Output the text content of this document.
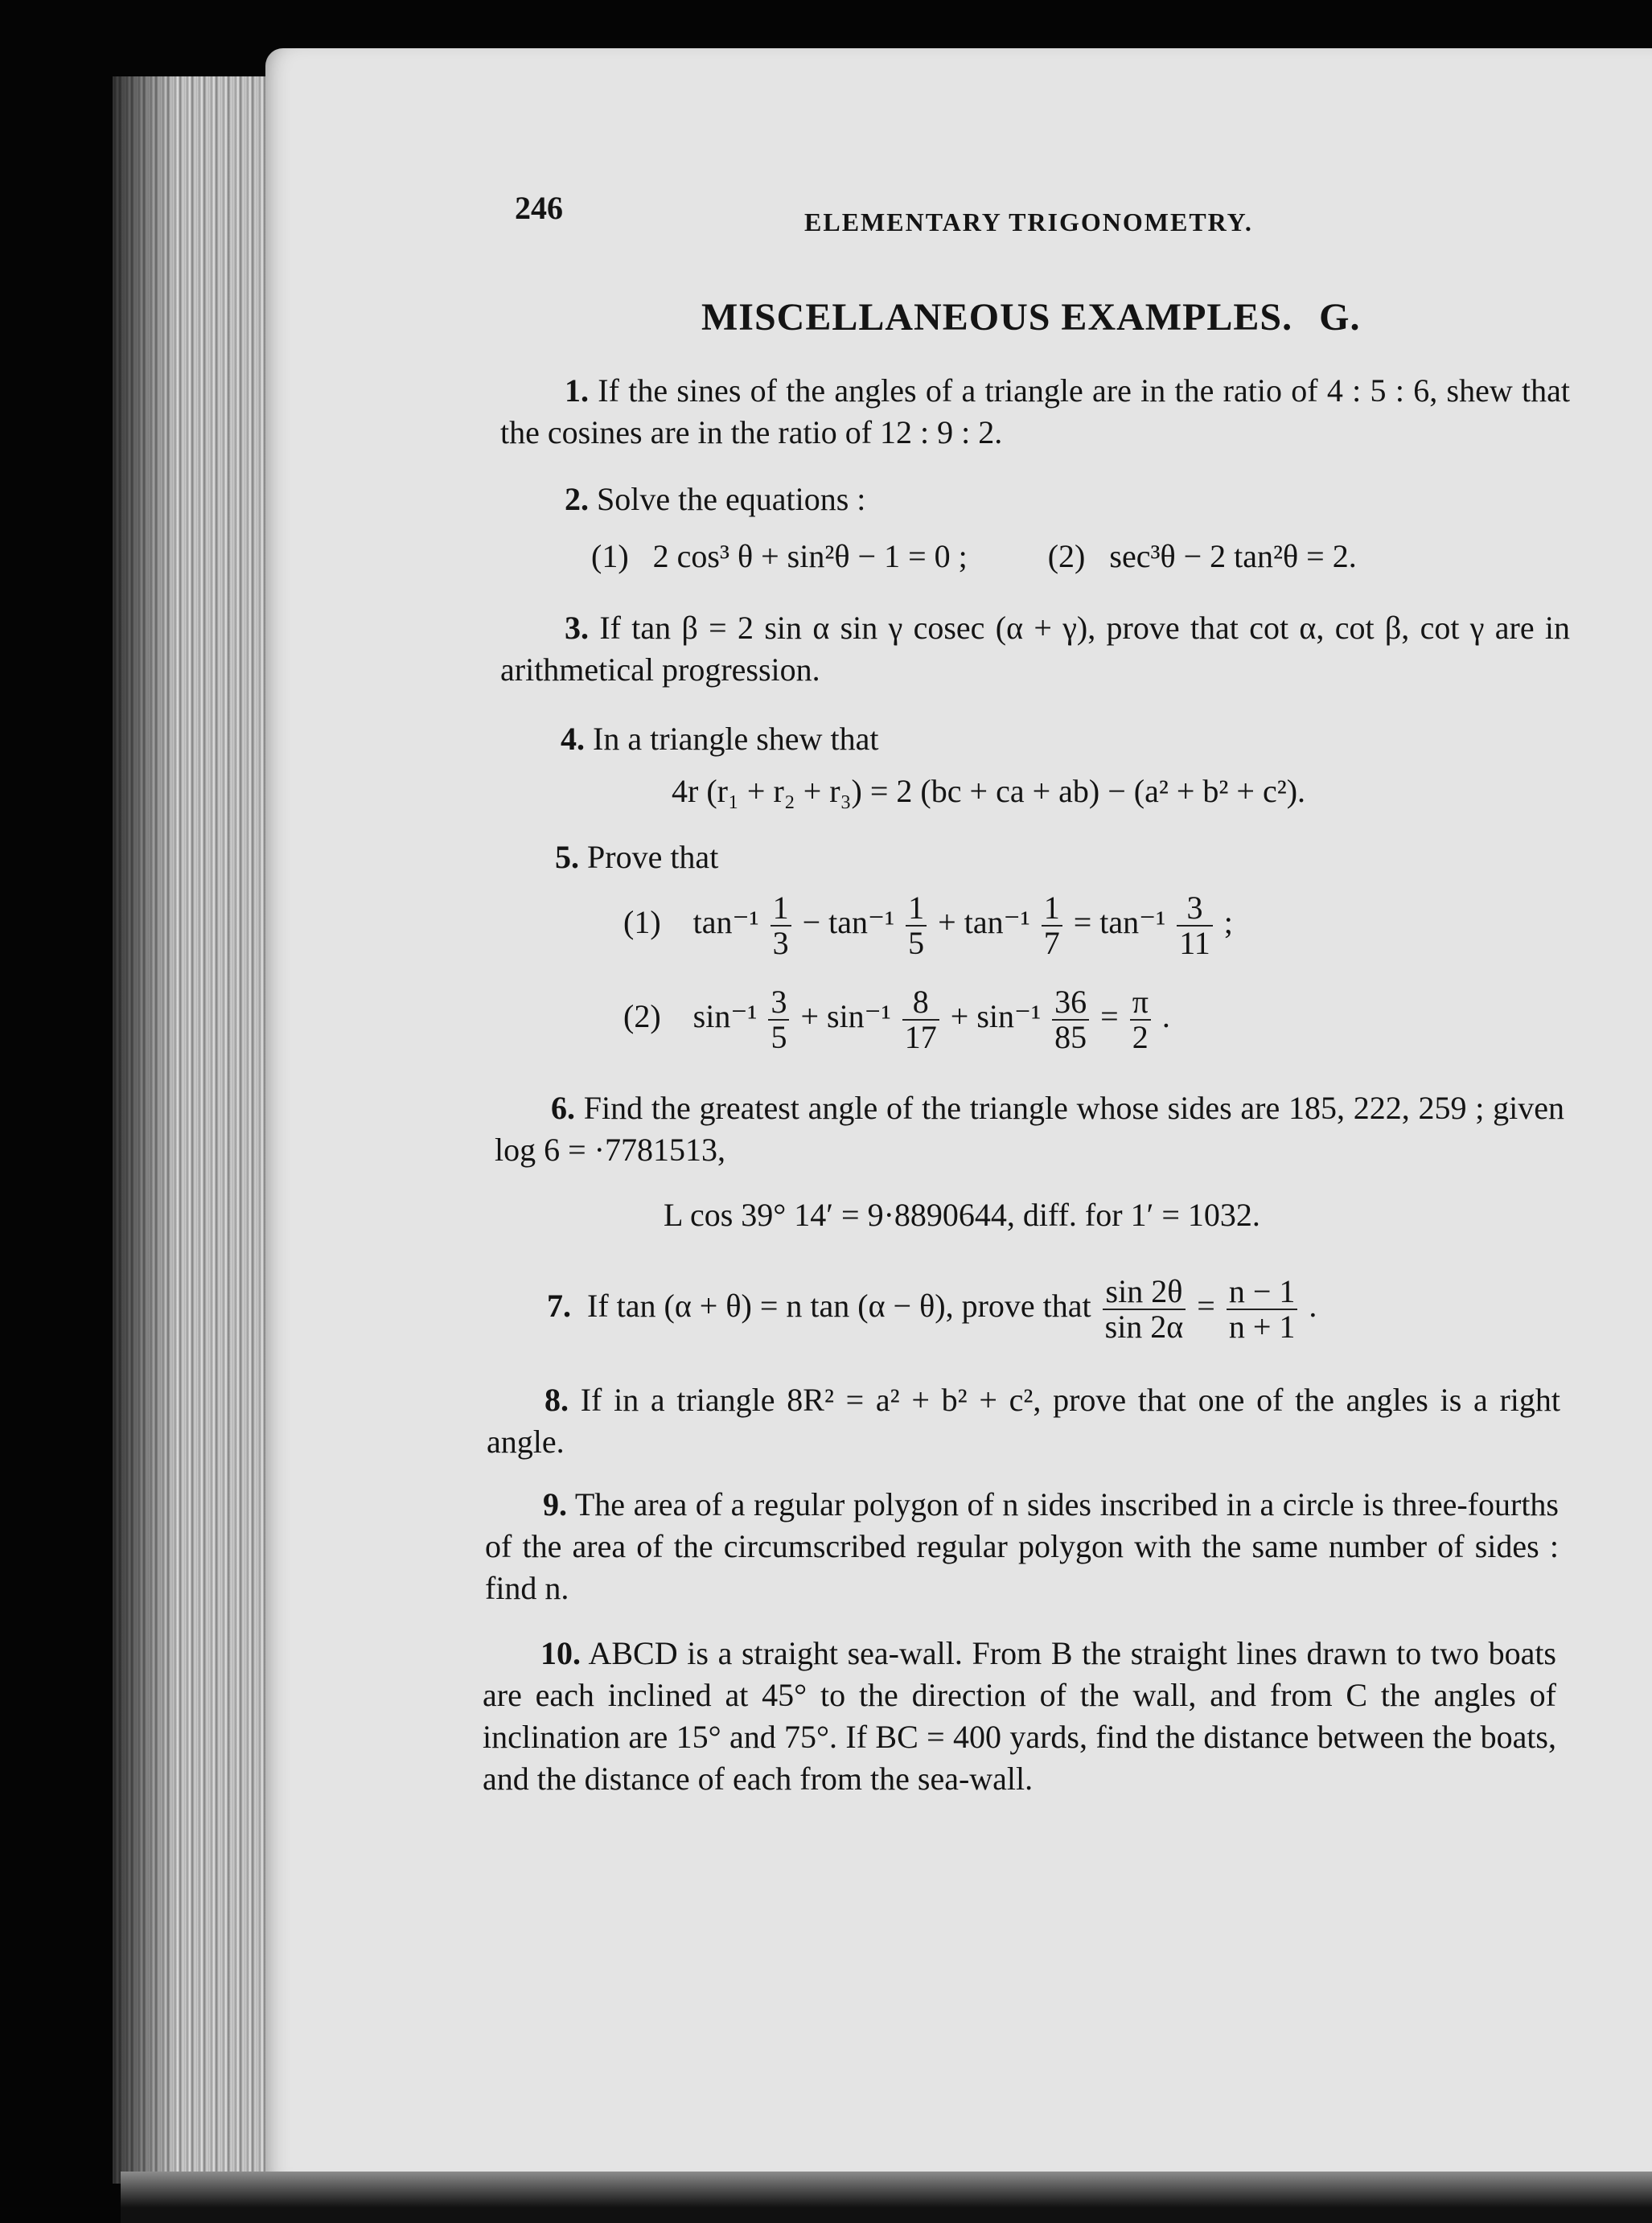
246	ELEMENTARY TRIGONOMETRY.
MISCELLANEOUS EXAMPLES. G.
1. If the sines of the angles of a triangle are in the ratio of 4 : 5 : 6, shew that the cosines are in the ratio of 12 : 9 : 2.
2. Solve the equations :
(1) 2 cos³ θ + sin²θ − 1 = 0 ;	(2) sec³θ − 2 tan²θ = 2.
3. If tan β = 2 sin α sin γ cosec (α + γ), prove that cot α, cot β, cot γ are in arithmetical progression.
4. In a triangle shew that
4r (r₁ + r₂ + r₃) = 2 (bc + ca + ab) − (a² + b² + c²).
5. Prove that
(1) $\tan^{-1} \frac{1}{3} - \tan^{-1} \frac{1}{5} + \tan^{-1} \frac{1}{7} = \tan^{-1} \frac{3}{11}$ ;
(2) $\sin^{-1} \frac{3}{5} + \sin^{-1} \frac{8}{17} + \sin^{-1} \frac{36}{85} = \frac{\pi}{2}$ .
6. Find the greatest angle of the triangle whose sides are 185, 222, 259 ; given log 6 = ·7781513,
L cos 39° 14′ = 9·8890644, diff. for 1′ = 1032.
7. If tan (α + θ) = n tan (α − θ), prove that $\frac{\sin 2\theta}{\sin 2\alpha} = \frac{n - 1}{n + 1}$ .
8. If in a triangle 8R² = a² + b² + c², prove that one of the angles is a right angle.
9. The area of a regular polygon of n sides inscribed in a circle is three-fourths of the area of the circumscribed regular polygon with the same number of sides : find n.
10. ABCD is a straight sea-wall. From B the straight lines drawn to two boats are each inclined at 45° to the direction of the wall, and from C the angles of inclination are 15° and 75°. If BC = 400 yards, find the distance between the boats, and the distance of each from the sea-wall.
